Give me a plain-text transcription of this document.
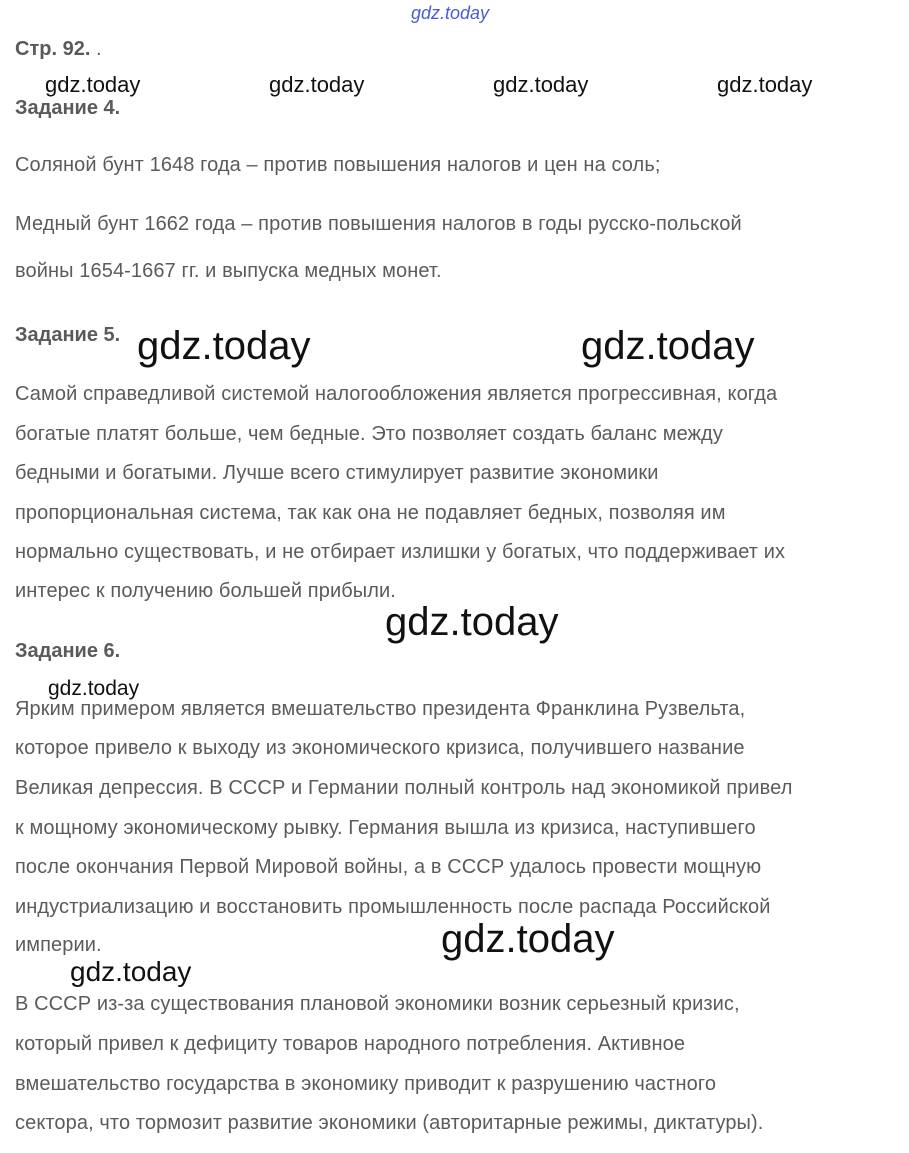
gdz.today
Стр. 92. .
gdz.today	gdz.today	gdz.today	gdz.today
Задание 4.
Соляной бунт 1648 года – против повышения налогов и цен на соль;
Медный бунт 1662 года – против повышения налогов в годы русско-польской
войны 1654-1667 гг. и выпуска медных монет.
Задание 5. gdz.today	gdz.today
Самой справедливой системой налогообложения является прогрессивная, когда
богатые платят больше, чем бедные. Это позволяет создать баланс между
бедными и богатыми. Лучше всего стимулирует развитие экономики
пропорциональная система, так как она не подавляет бедных, позволяя им
нормально существовать, и не отбирает излишки у богатых, что поддерживает их
интерес к получению большей прибыли.
gdz.today
Задание 6.
gdz.today
Ярким примером является вмешательство президента Франклина Рузвельта,
которое привело к выходу из экономического кризиса, получившего название
Великая депрессия. В СССР и Германии полный контроль над экономикой привел
к мощному экономическому рывку. Германия вышла из кризиса, наступившего
после окончания Первой Мировой войны, а в СССР удалось провести мощную
индустриализацию и восстановить промышленность после распада Российской
империи.	gdz.today
gdz.today
В СССР из-за существования плановой экономики возник серьезный кризис,
который привел к дефициту товаров народного потребления. Активное
вмешательство государства в экономику приводит к разрушению частного
сектора, что тормозит развитие экономики (авторитарные режимы, диктатуры).
